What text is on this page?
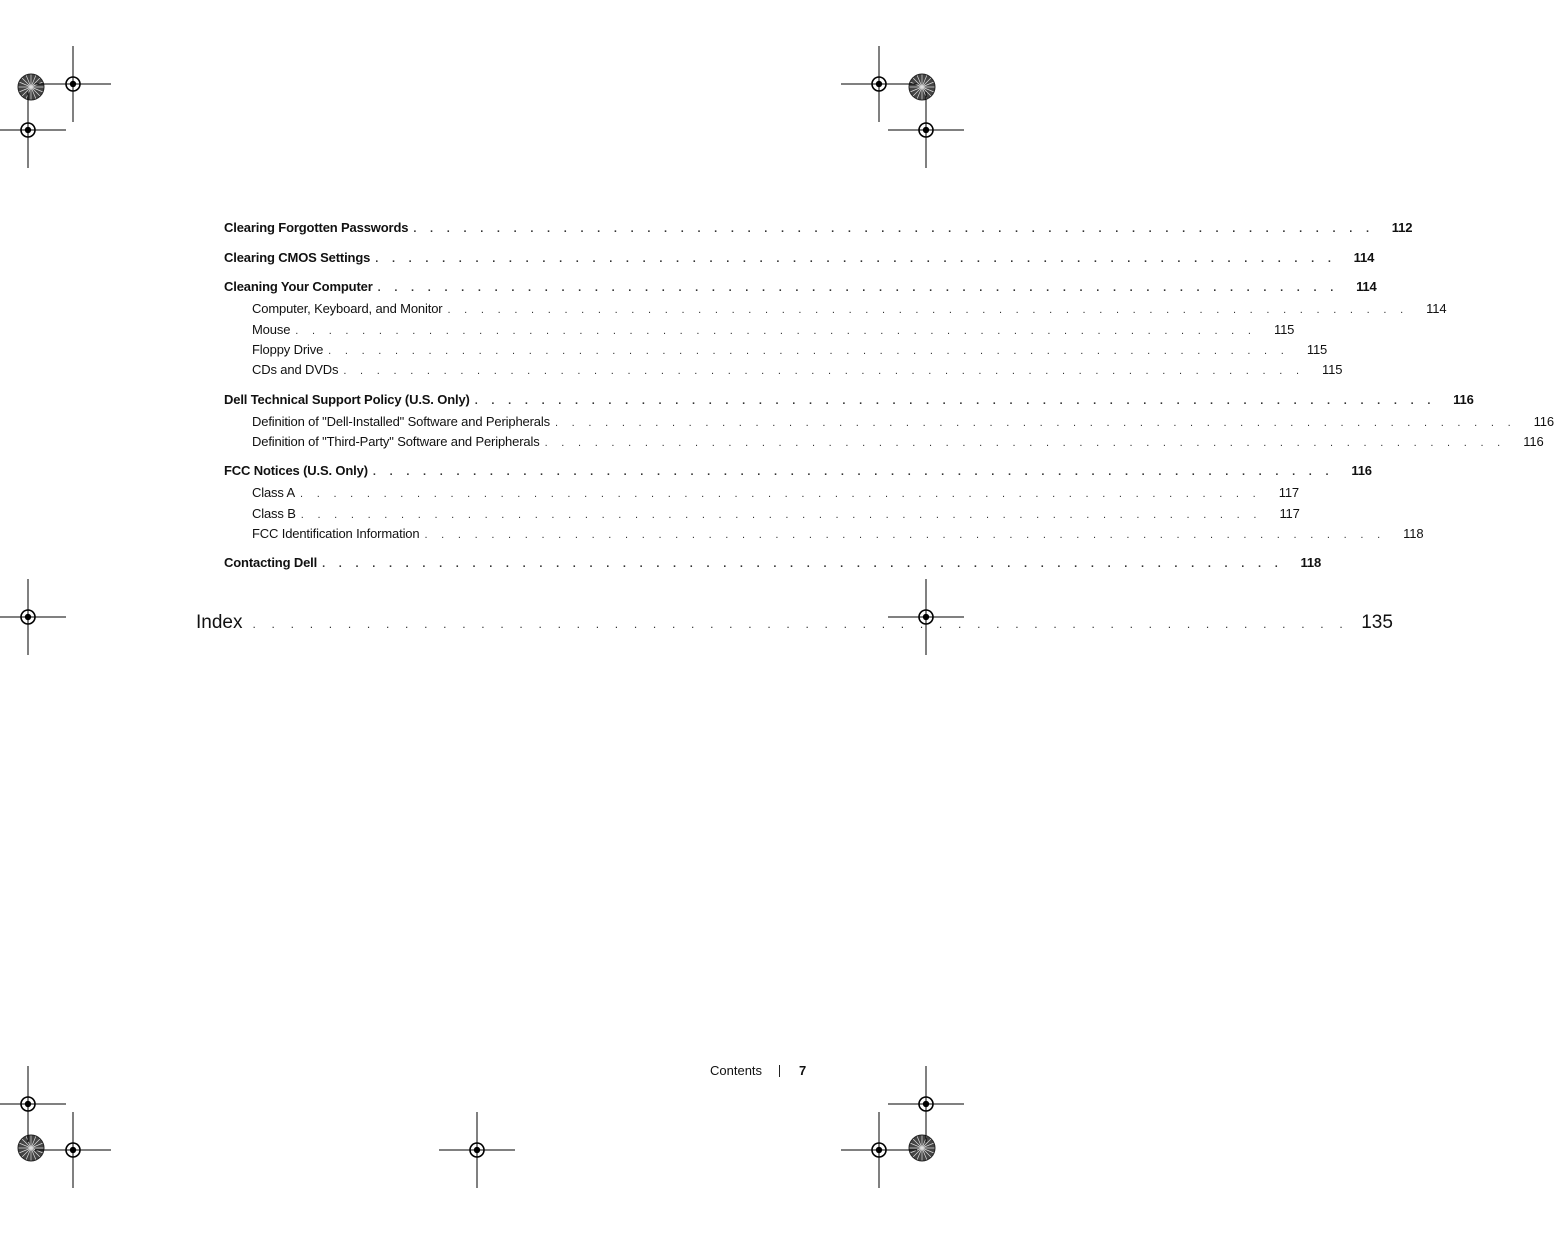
Clearing Forgotten Passwords . . . . . . . . . . . . . . . . . . . . . . . . . . . . . . . . . . . . . . . . . . . . . . . . . . . . . . . . . .	112
Clearing CMOS Settings . . . . . . . . . . . . . . . . . . . . . . . . . . . . . . . . . . . . . . . . . . . . . . . . . . . . . . . . . .	114
Cleaning Your Computer . . . . . . . . . . . . . . . . . . . . . . . . . . . . . . . . . . . . . . . . . . . . . . . . . . . . . . . . . .	114
Computer, Keyboard, and Monitor . . . . . . . . . . . . . . . . . . . . . . . . . . . . . . . . . . . . . . . . . . . . . . . . . . . . . . . . . .	114
Mouse . . . . . . . . . . . . . . . . . . . . . . . . . . . . . . . . . . . . . . . . . . . . . . . . . . . . . . . . . .	115
Floppy Drive . . . . . . . . . . . . . . . . . . . . . . . . . . . . . . . . . . . . . . . . . . . . . . . . . . . . . . . . . .	115
CDs and DVDs . . . . . . . . . . . . . . . . . . . . . . . . . . . . . . . . . . . . . . . . . . . . . . . . . . . . . . . . . .	115
Dell Technical Support Policy (U.S. Only) . . . . . . . . . . . . . . . . . . . . . . . . . . . . . . . . . . . . . . . . . . . . . . . . . . . . . . . . . .	116
Definition of "Dell-Installed" Software and Peripherals . . . . . . . . . . . . . . . . . . . . . . . . . . . . . . . . . . . . . . . . . . . . . . . . . . . . . . . . . .	116
Definition of "Third-Party" Software and Peripherals . . . . . . . . . . . . . . . . . . . . . . . . . . . . . . . . . . . . . . . . . . . . . . . . . . . . . . . . . .	116
FCC Notices (U.S. Only) . . . . . . . . . . . . . . . . . . . . . . . . . . . . . . . . . . . . . . . . . . . . . . . . . . . . . . . . . .	116
Class A . . . . . . . . . . . . . . . . . . . . . . . . . . . . . . . . . . . . . . . . . . . . . . . . . . . . . . . . . .	117
Class B . . . . . . . . . . . . . . . . . . . . . . . . . . . . . . . . . . . . . . . . . . . . . . . . . . . . . . . . . .	117
FCC Identification Information . . . . . . . . . . . . . . . . . . . . . . . . . . . . . . . . . . . . . . . . . . . . . . . . . . . . . . . . . .	118
Contacting Dell . . . . . . . . . . . . . . . . . . . . . . . . . . . . . . . . . . . . . . . . . . . . . . . . . . . . . . . . . .	118
Index . . . . . . . . . . . . . . . . . . . . . . . . . . . . . . . . . . . . . . . . . . . . . . . . . . . . . . . . . . 135
Contents	7
